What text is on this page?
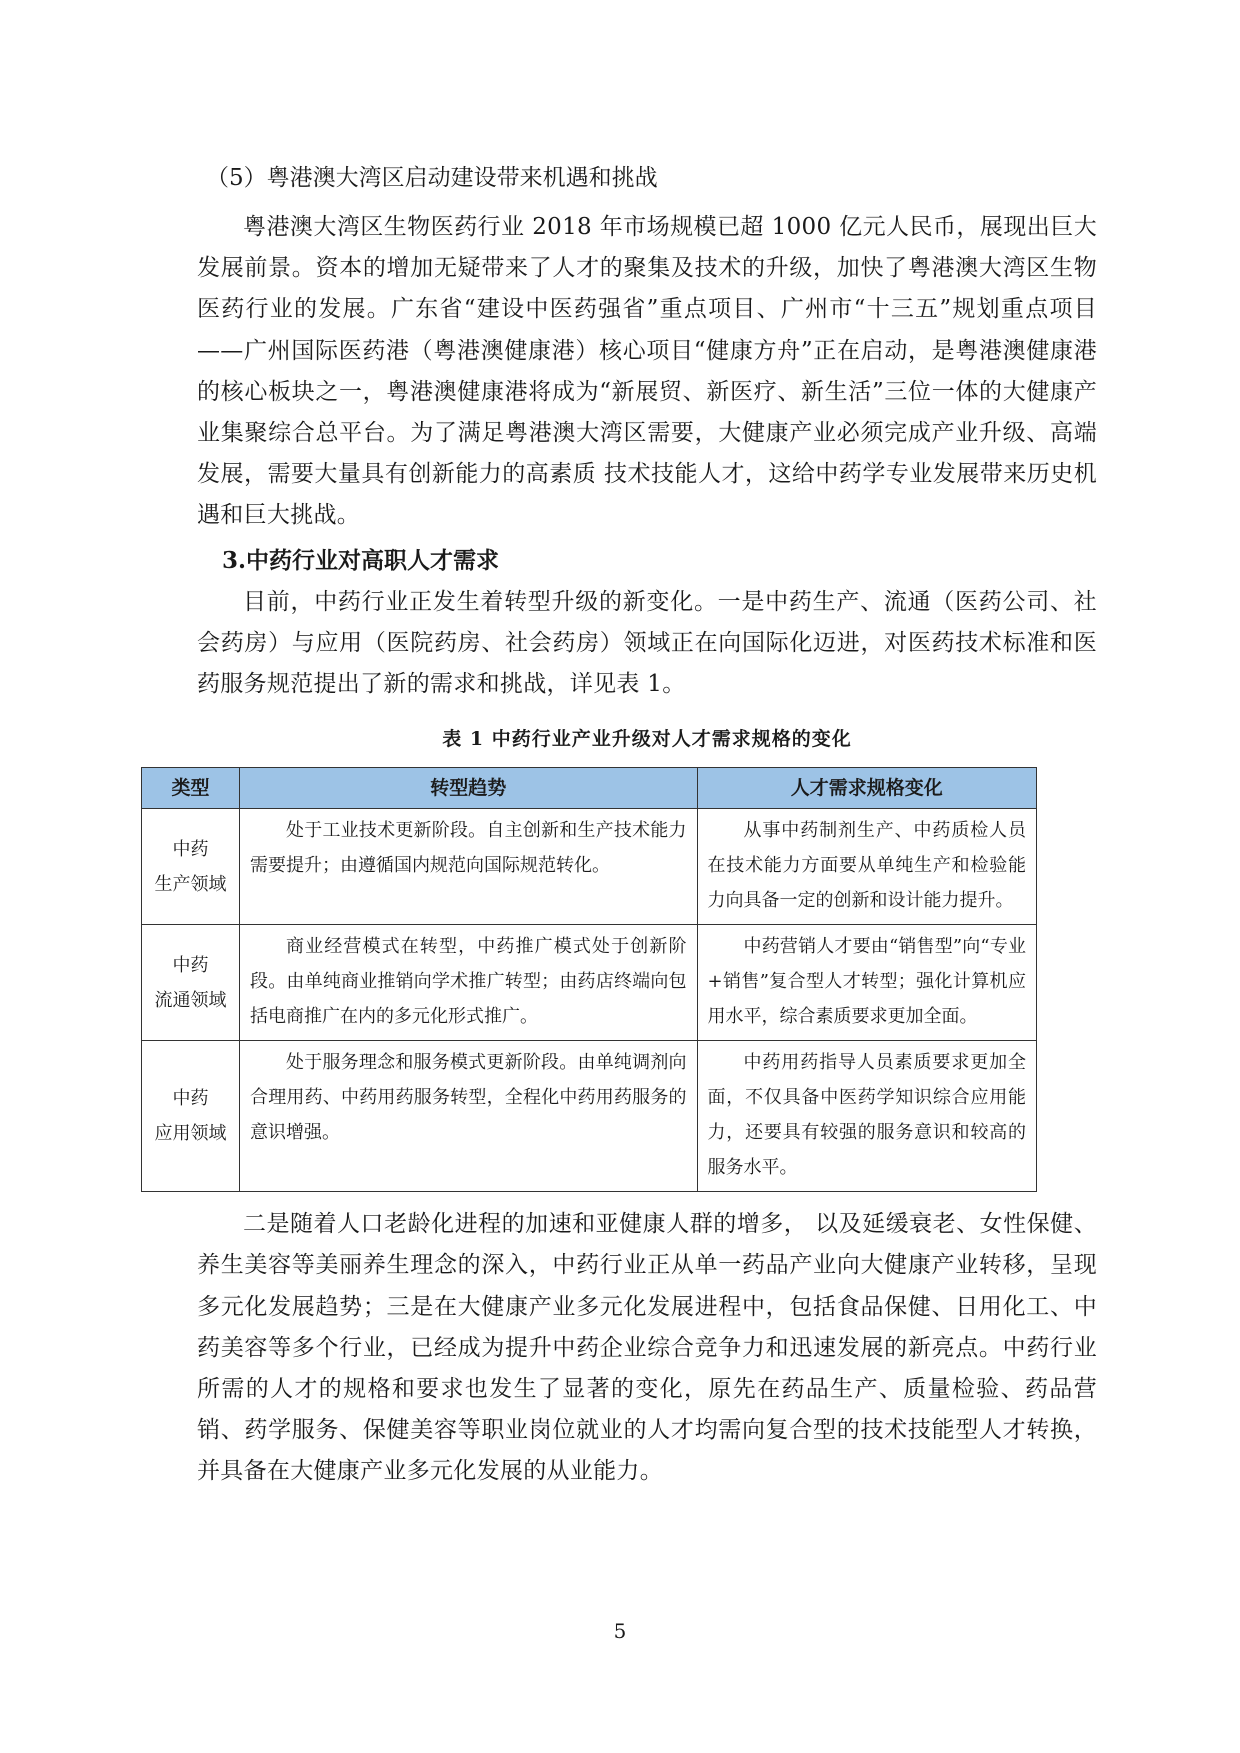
（5）粤港澳大湾区启动建设带来机遇和挑战

粤港澳大湾区生物医药行业 2018 年市场规模已超 1000 亿元人民币，展现出巨大发展前景。资本的增加无疑带来了人才的聚集及技术的升级，加快了粤港澳大湾区生物医药行业的发展。广东省“建设中医药强省”重点项目、广州市“十三五”规划重点项目——广州国际医药港（粤港澳健康港）核心项目“健康方舟”正在启动，是粤港澳健康港的核心板块之一，粤港澳健康港将成为“新展贸、新医疗、新生活”三位一体的大健康产业集聚综合总平台。为了满足粤港澳大湾区需要，大健康产业必须完成产业升级、高端发展，需要大量具有创新能力的高素质 技术技能人才，这给中药学专业发展带来历史机遇和巨大挑战。

3.中药行业对高职人才需求

目前，中药行业正发生着转型升级的新变化。一是中药生产、流通（医药公司、社会药房）与应用（医院药房、社会药房）领域正在向国际化迈进，对医药技术标准和医药服务规范提出了新的需求和挑战，详见表 1。

表 1 中药行业产业升级对人才需求规格的变化
类型	转型趋势	人才需求规格变化

中药
生产领域	处于工业技术更新阶段。自主创新和生产技术能力需要提升；由遵循国内规范向国际规范转化。	从事中药制剂生产、中药质检人员在技术能力方面要从单纯生产和检验能力向具备一定的创新和设计能力提升。

中药
流通领域	商业经营模式在转型，中药推广模式处于创新阶段。由单纯商业推销向学术推广转型；由药店终端向包括电商推广在内的多元化形式推广。	中药营销人才要由“销售型”向“专业+销售”复合型人才转型；强化计算机应用水平，综合素质要求更加全面。

中药
应用领域	处于服务理念和服务模式更新阶段。由单纯调剂向合理用药、中药用药服务转型，全程化中药用药服务的意识增强。	中药用药指导人员素质要求更加全面，不仅具备中医药学知识综合应用能力，还要具有较强的服务意识和较高的服务水平。

二是随着人口老龄化进程的加速和亚健康人群的增多， 以及延缓衰老、女性保健、养生美容等美丽养生理念的深入，中药行业正从单一药品产业向大健康产业转移，呈现多元化发展趋势；三是在大健康产业多元化发展进程中，包括食品保健、日用化工、中药美容等多个行业，已经成为提升中药企业综合竞争力和迅速发展的新亮点。中药行业所需的人才的规格和要求也发生了显著的变化，原先在药品生产、质量检验、药品营销、药学服务、保健美容等职业岗位就业的人才均需向复合型的技术技能型人才转换，并具备在大健康产业多元化发展的从业能力。

5
